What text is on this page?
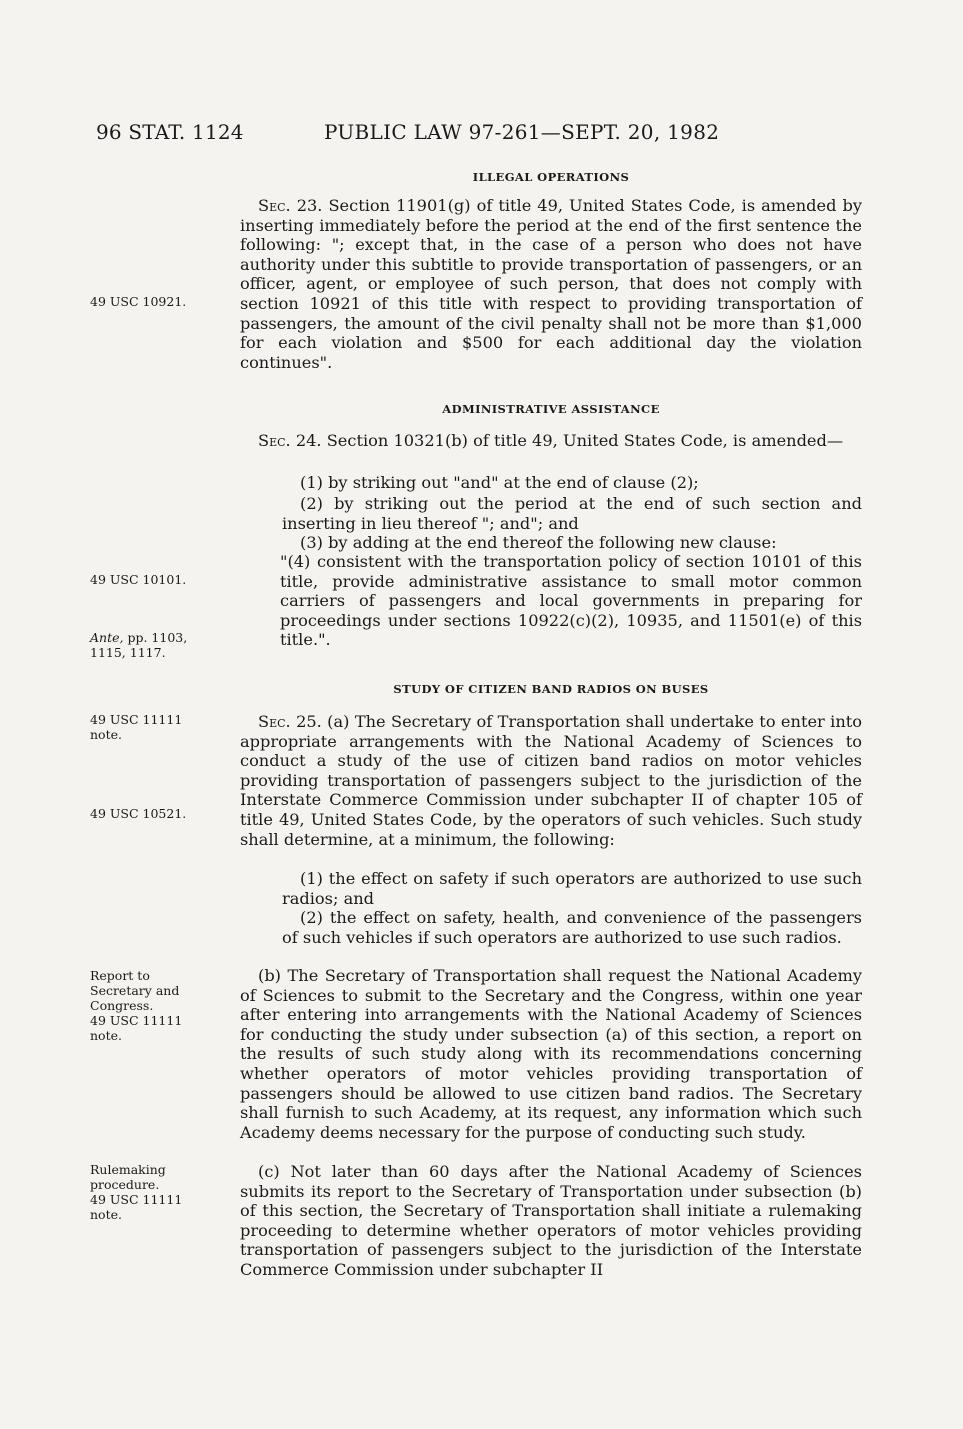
96 STAT. 1124	PUBLIC LAW 97-261—SEPT. 20, 1982
ILLEGAL OPERATIONS

Sec. 23. Section 11901(g) of title 49, United States Code, is amended by inserting immediately before the period at the end of the first sentence the following: "; except that, in the case of a person who does not have authority under this subtitle to provide transportation of passengers, or an officer, agent, or employee of such person, that does not comply with section 10921 of this title with respect to providing transportation of passengers, the amount of the civil penalty shall not be more than $1,000 for each violation and $500 for each additional day the violation continues".

ADMINISTRATIVE ASSISTANCE

Sec. 24. Section 10321(b) of title 49, United States Code, is amended—

(1) by striking out "and" at the end of clause (2);

(2) by striking out the period at the end of such section and inserting in lieu thereof "; and"; and

(3) by adding at the end thereof the following new clause:

"(4) consistent with the transportation policy of section 10101 of this title, provide administrative assistance to small motor common carriers of passengers and local governments in preparing for proceedings under sections 10922(c)(2), 10935, and 11501(e) of this title.".

STUDY OF CITIZEN BAND RADIOS ON BUSES

Sec. 25. (a) The Secretary of Transportation shall undertake to enter into appropriate arrangements with the National Academy of Sciences to conduct a study of the use of citizen band radios on motor vehicles providing transportation of passengers subject to the jurisdiction of the Interstate Commerce Commission under subchapter II of chapter 105 of title 49, United States Code, by the operators of such vehicles. Such study shall determine, at a minimum, the following:

(1) the effect on safety if such operators are authorized to use such radios; and

(2) the effect on safety, health, and convenience of the passengers of such vehicles if such operators are authorized to use such radios.

(b) The Secretary of Transportation shall request the National Academy of Sciences to submit to the Secretary and the Congress, within one year after entering into arrangements with the National Academy of Sciences for conducting the study under subsection (a) of this section, a report on the results of such study along with its recommendations concerning whether operators of motor vehicles providing transportation of passengers should be allowed to use citizen band radios. The Secretary shall furnish to such Academy, at its request, any information which such Academy deems necessary for the purpose of conducting such study.

(c) Not later than 60 days after the National Academy of Sciences submits its report to the Secretary of Transportation under subsection (b) of this section, the Secretary of Transportation shall initiate a rulemaking proceeding to determine whether operators of motor vehicles providing transportation of passengers subject to the jurisdiction of the Interstate Commerce Commission under subchapter II

49 USC 10921.
49 USC 10101.
Ante, pp. 1103,
1115, 1117.
49 USC 11111
note.
49 USC 10521.
Report to
Secretary and
Congress.
49 USC 11111
note.
Rulemaking
procedure.
49 USC 11111
note.
